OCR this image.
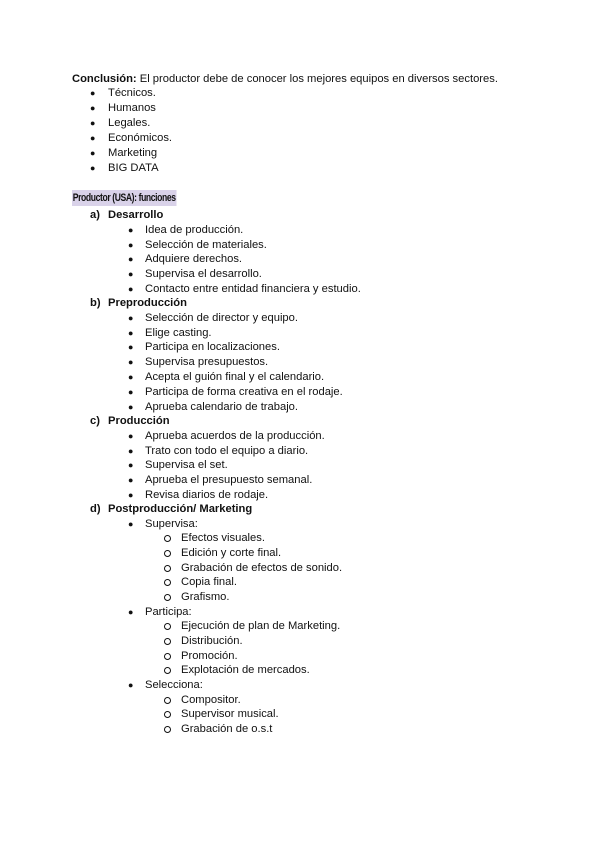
Conclusión: El productor debe de conocer los mejores equipos en diversos sectores.
● Técnicos.
● Humanos
● Legales.
● Económicos.
● Marketing
● BIG DATA
Productor (USA): funciones
a) Desarrollo
● Idea de producción.
● Selección de materiales.
● Adquiere derechos.
● Supervisa el desarrollo.
● Contacto entre entidad financiera y estudio.
b) Preproducción
● Selección de director y equipo.
● Elige casting.
● Participa en localizaciones.
● Supervisa presupuestos.
● Acepta el guión final y el calendario.
● Participa de forma creativa en el rodaje.
● Aprueba calendario de trabajo.
c) Producción
● Aprueba acuerdos de la producción.
● Trato con todo el equipo a diario.
● Supervisa el set.
● Aprueba el presupuesto semanal.
● Revisa diarios de rodaje.
d) Postproducción/ Marketing
● Supervisa:
Efectos visuales.
Edición y corte final.
Grabación de efectos de sonido.
Copia final.
Grafismo.
● Participa:
Ejecución de plan de Marketing.
Distribución.
Promoción.
Explotación de mercados.
● Selecciona:
Compositor.
Supervisor musical.
Grabación de o.s.t
